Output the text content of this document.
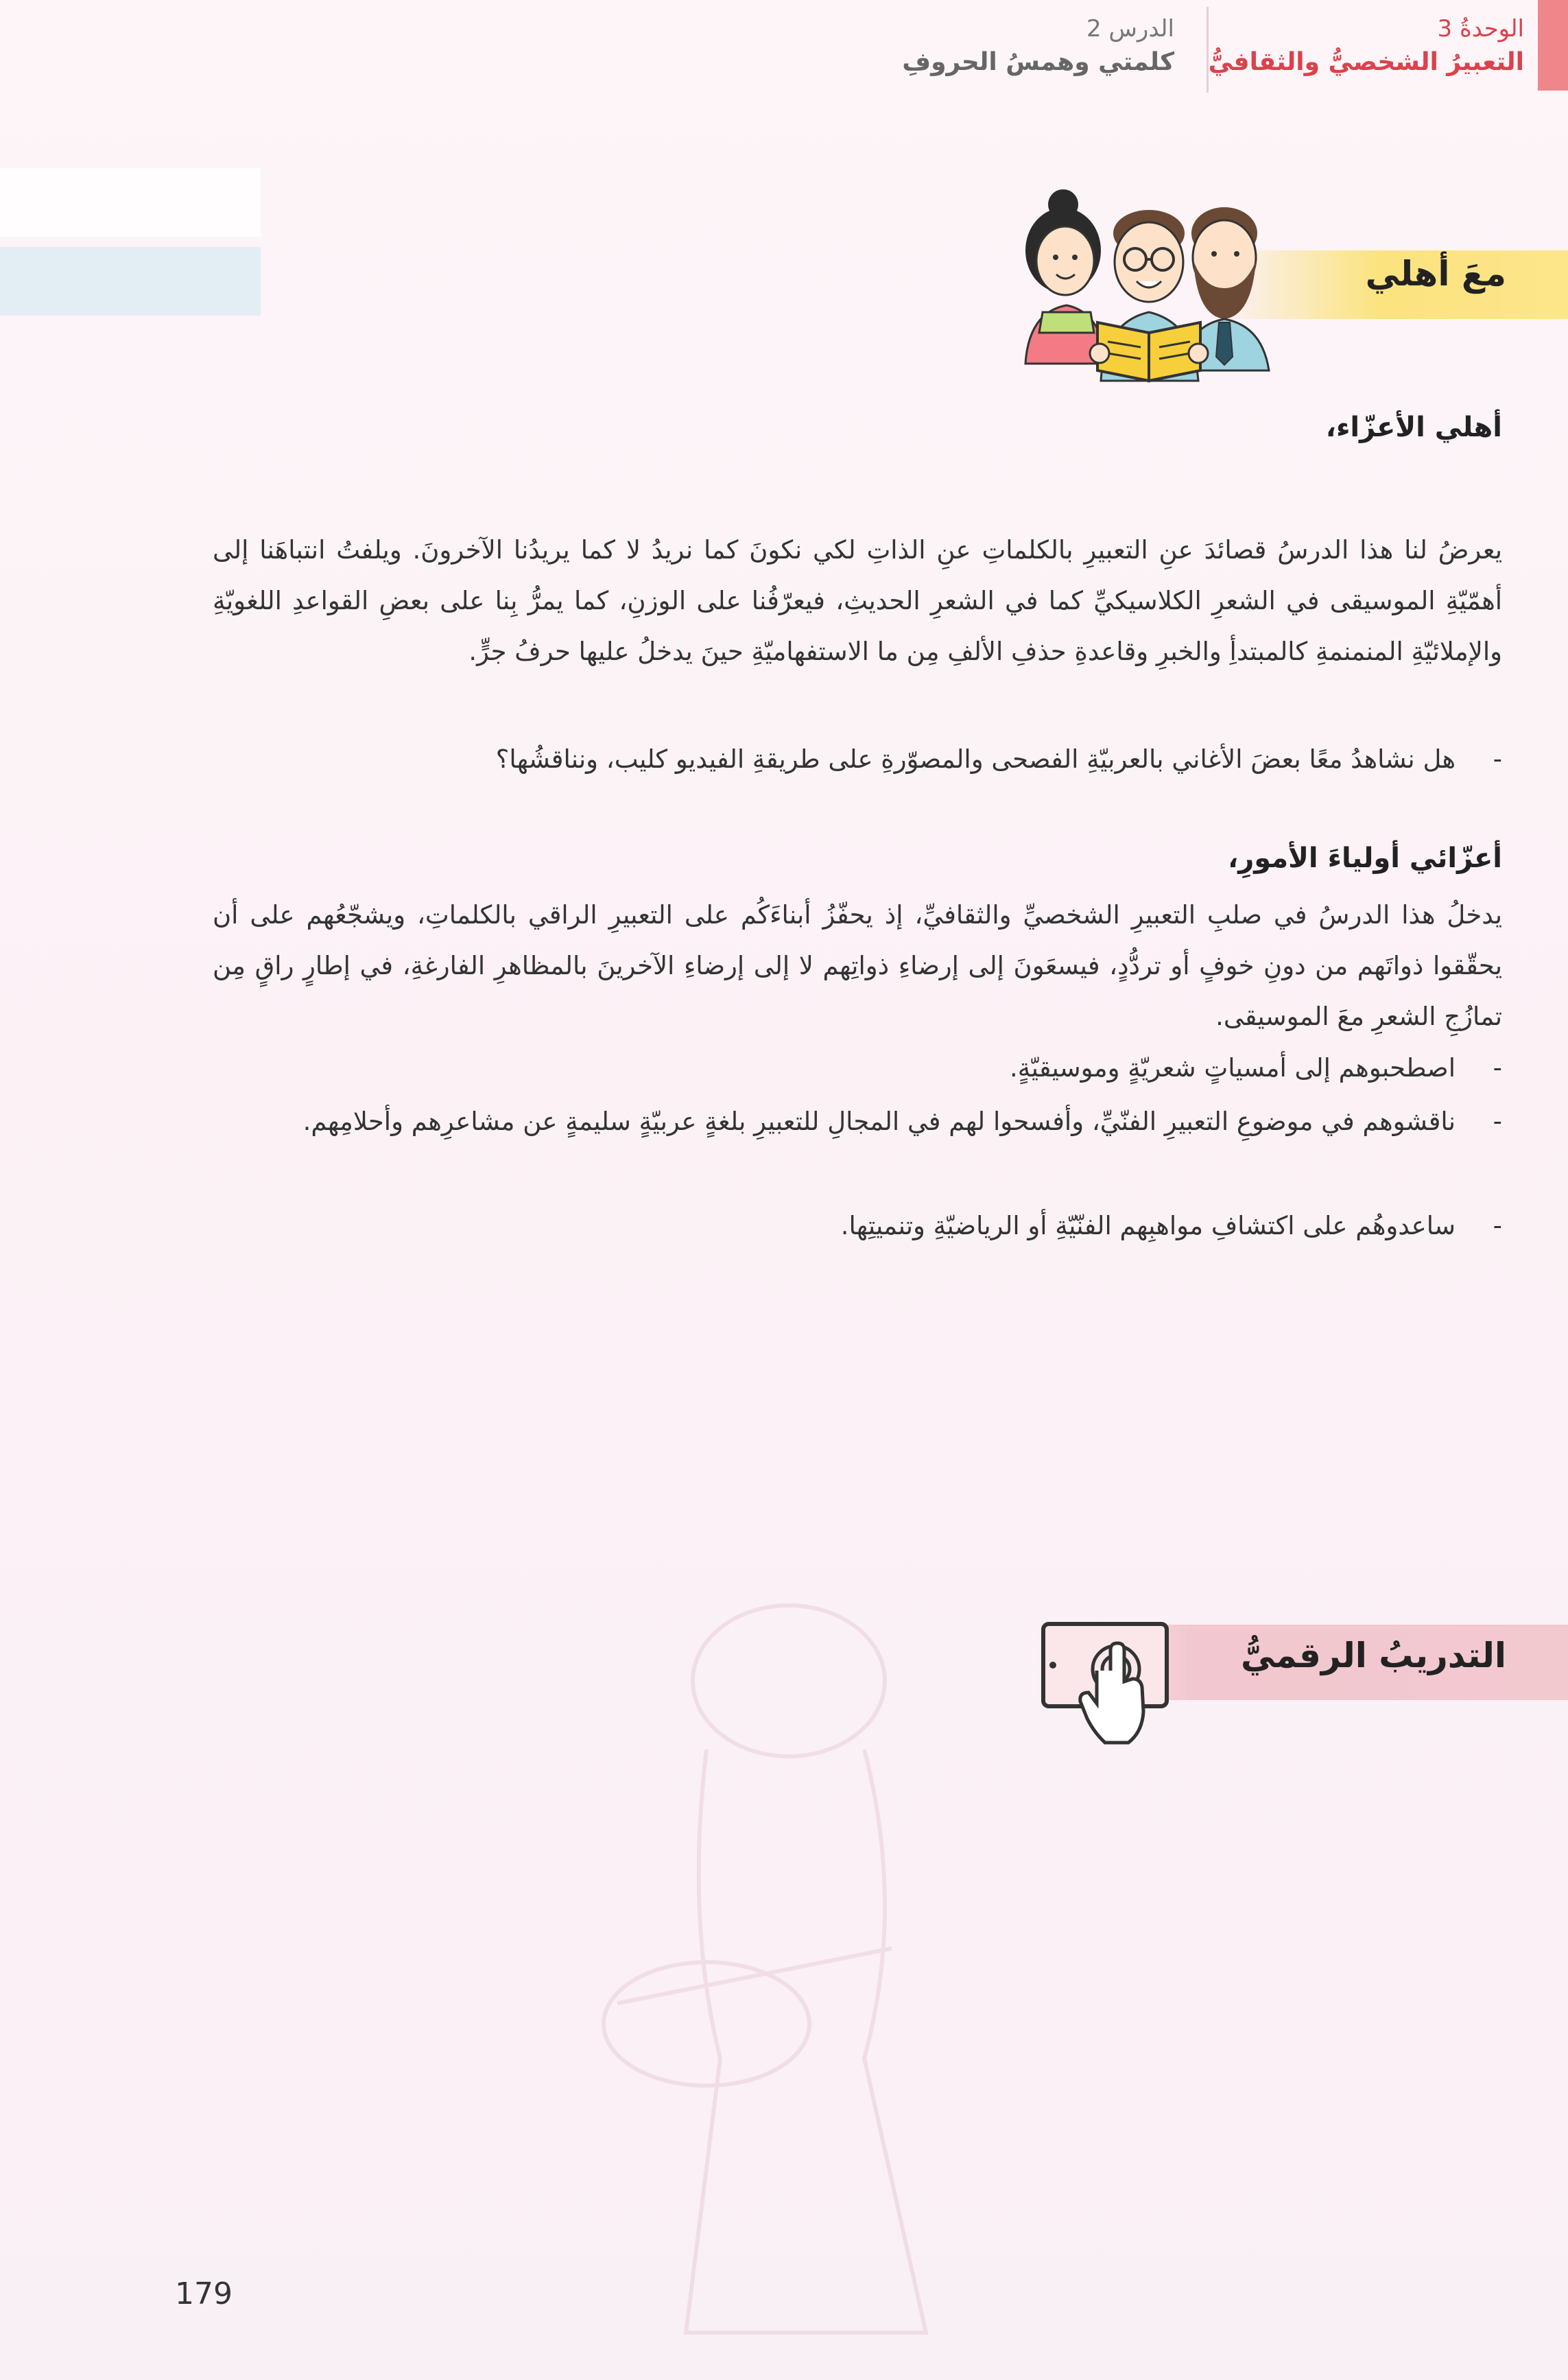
الوحدةُ 3
التعبيرُ الشخصيُّ والثقافيُّ
الدرس 2
كلمتي وهمسُ الحروفِ
معَ أهلي
أهلي الأعزّاء،
يعرضُ لنا هذا الدرسُ قصائدَ عنِ التعبيرِ بالكلماتِ عنِ الذاتِ لكي نكونَ كما نريدُ لا كما يريدُنا الآخرونَ. ويلفتُ انتباهَنا إلى أهمّيّةِ الموسيقى في الشعرِ الكلاسيكيِّ كما في الشعرِ الحديثِ، فيعرّفُنا على الوزنِ، كما يمرُّ بِنا على بعضِ القواعدِ اللغويّةِ والإملائيّةِ المنمنمةِ كالمبتدأِ والخبرِ وقاعدةِ حذفِ الألفِ مِن ما الاستفهاميّةِ حينَ يدخلُ عليها حرفُ جرٍّ.
-
هل نشاهدُ معًا بعضَ الأغاني بالعربيّةِ الفصحى والمصوّرةِ على طريقةِ الفيديو كليب، ونناقشُها؟
أعزّائي أولياءَ الأمورِ،
يدخلُ هذا الدرسُ في صلبِ التعبيرِ الشخصيِّ والثقافيِّ، إذ يحفّزُ أبناءَكُم على التعبيرِ الراقي بالكلماتِ، ويشجّعُهم على أن يحقّقوا ذواتَهم من دونِ خوفٍ أو تردُّدٍ، فيسعَونَ إلى إرضاءِ ذواتِهم لا إلى إرضاءِ الآخرينَ بالمظاهرِ الفارغةِ، في إطارٍ راقٍ مِن تمازُجِ الشعرِ معَ الموسيقى.
-
اصطحبوهم إلى أمسياتٍ شعريّةٍ وموسيقيّةٍ.
-
ناقشوهم في موضوعِ التعبيرِ الفنّيِّ، وأفسحوا لهم في المجالِ للتعبيرِ بلغةٍ عربيّةٍ سليمةٍ عن مشاعرِهم وأحلامِهم.
-
ساعدوهُم على اكتشافِ مواهبِهم الفنّيّةِ أو الرياضيّةِ وتنميتِها.
التدريبُ الرقميُّ
179
